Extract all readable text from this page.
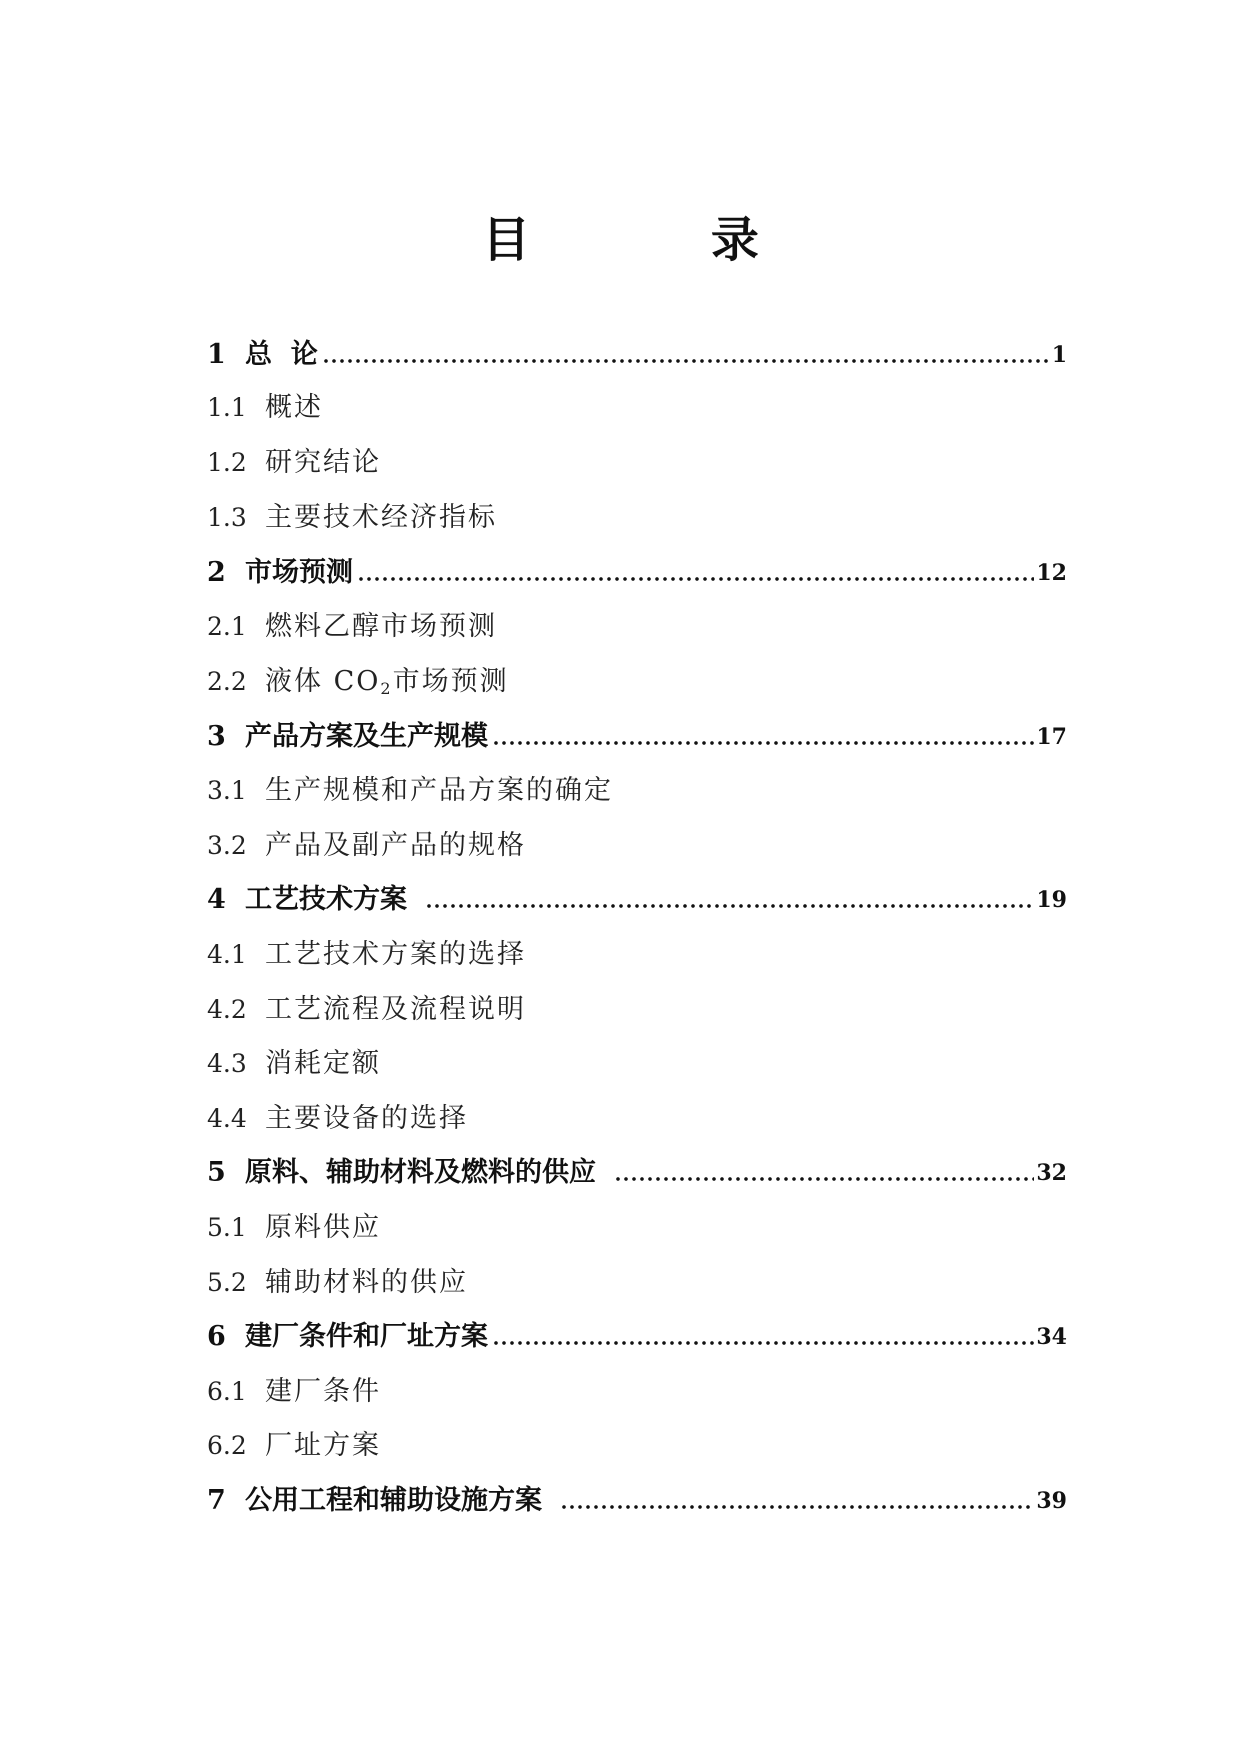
目 录
1 总  论	1
1.1 概述
1.2 研究结论
1.3 主要技术经济指标
2 市场预测	12
2.1 燃料乙醇市场预测
2.2 液体 $CO_2$市场预测
3 产品方案及生产规模	17
3.1 生产规模和产品方案的确定
3.2 产品及副产品的规格
4 工艺技术方案	19
4.1 工艺技术方案的选择
4.2 工艺流程及流程说明
4.3 消耗定额
4.4 主要设备的选择
5 原料、辅助材料及燃料的供应	32
5.1 原料供应
5.2 辅助材料的供应
6 建厂条件和厂址方案	34
6.1 建厂条件
6.2 厂址方案
7 公用工程和辅助设施方案	39
